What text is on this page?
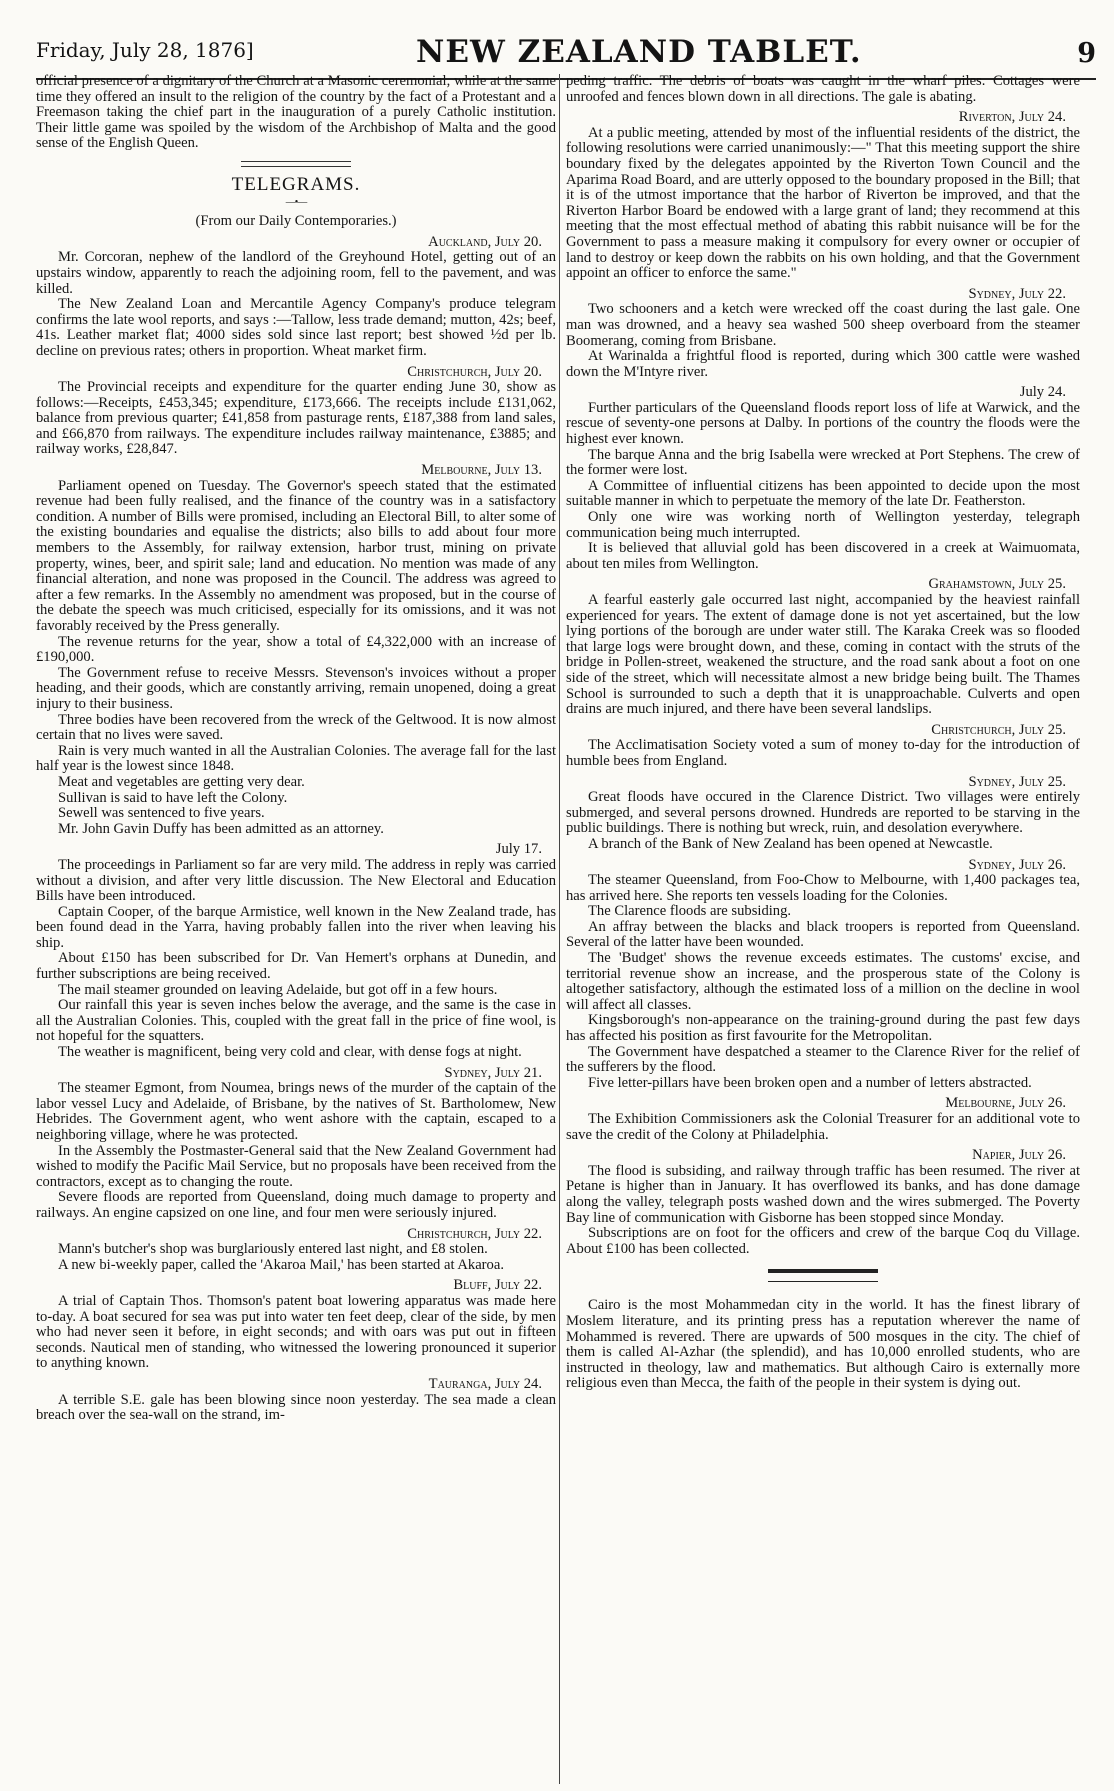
Friday, July 28, 1876]	NEW ZEALAND TABLET.	9

official presence of a dignitary of the Church at a Masonic ceremonial, while at the same time they offered an insult to the religion of the country by the fact of a Protestant and a Freemason taking the chief part in the inauguration of a purely Catholic institution. Their little game was spoiled by the wisdom of the Archbishop of Malta and the good sense of the English Queen.

TELEGRAMS.
—•—
(From our Daily Contemporaries.)
Auckland, July 20.

Mr. Corcoran, nephew of the landlord of the Greyhound Hotel, getting out of an upstairs window, apparently to reach the adjoining room, fell to the pavement, and was killed.

The New Zealand Loan and Mercantile Agency Company's produce telegram confirms the late wool reports, and says :—Tallow, less trade demand; mutton, 42s; beef, 41s. Leather market flat; 4000 sides sold since last report; best showed ½d per lb. decline on previous rates; others in proportion. Wheat market firm.

Christchurch, July 20.

The Provincial receipts and expenditure for the quarter ending June 30, show as follows:—Receipts, £453,345; expenditure, £173,666. The receipts include £131,062, balance from previous quarter; £41,858 from pasturage rents, £187,388 from land sales, and £66,870 from railways. The expenditure includes railway maintenance, £3885; and railway works, £28,847.

Melbourne, July 13.

Parliament opened on Tuesday. The Governor's speech stated that the estimated revenue had been fully realised, and the finance of the country was in a satisfactory condition. A number of Bills were promised, including an Electoral Bill, to alter some of the existing boundaries and equalise the districts; also bills to add about four more members to the Assembly, for railway extension, harbor trust, mining on private property, wines, beer, and spirit sale; land and education. No mention was made of any financial alteration, and none was proposed in the Council. The address was agreed to after a few remarks. In the Assembly no amendment was proposed, but in the course of the debate the speech was much criticised, especially for its omissions, and it was not favorably received by the Press generally.

The revenue returns for the year, show a total of £4,322,000 with an increase of £190,000.

The Government refuse to receive Messrs. Stevenson's invoices without a proper heading, and their goods, which are constantly arriving, remain unopened, doing a great injury to their business.

Three bodies have been recovered from the wreck of the Geltwood. It is now almost certain that no lives were saved.

Rain is very much wanted in all the Australian Colonies. The average fall for the last half year is the lowest since 1848.

Meat and vegetables are getting very dear.

Sullivan is said to have left the Colony.

Sewell was sentenced to five years.

Mr. John Gavin Duffy has been admitted as an attorney.

July 17.

The proceedings in Parliament so far are very mild. The address in reply was carried without a division, and after very little discussion. The New Electoral and Education Bills have been introduced.

Captain Cooper, of the barque Armistice, well known in the New Zealand trade, has been found dead in the Yarra, having probably fallen into the river when leaving his ship.

About £150 has been subscribed for Dr. Van Hemert's orphans at Dunedin, and further subscriptions are being received.

The mail steamer grounded on leaving Adelaide, but got off in a few hours.

Our rainfall this year is seven inches below the average, and the same is the case in all the Australian Colonies. This, coupled with the great fall in the price of fine wool, is not hopeful for the squatters.

The weather is magnificent, being very cold and clear, with dense fogs at night.

Sydney, July 21.

The steamer Egmont, from Noumea, brings news of the murder of the captain of the labor vessel Lucy and Adelaide, of Brisbane, by the natives of St. Bartholomew, New Hebrides. The Government agent, who went ashore with the captain, escaped to a neighboring village, where he was protected.

In the Assembly the Postmaster-General said that the New Zealand Government had wished to modify the Pacific Mail Service, but no proposals have been received from the contractors, except as to changing the route.

Severe floods are reported from Queensland, doing much damage to property and railways. An engine capsized on one line, and four men were seriously injured.

Christchurch, July 22.

Mann's butcher's shop was burglariously entered last night, and £8 stolen.

A new bi-weekly paper, called the 'Akaroa Mail,' has been started at Akaroa.

Bluff, July 22.

A trial of Captain Thos. Thomson's patent boat lowering apparatus was made here to-day. A boat secured for sea was put into water ten feet deep, clear of the side, by men who had never seen it before, in eight seconds; and with oars was put out in fifteen seconds. Nautical men of standing, who witnessed the lowering pronounced it superior to anything known.

Tauranga, July 24.

A terrible S.E. gale has been blowing since noon yesterday. The sea made a clean breach over the sea-wall on the strand, im-

peding traffic. The debris of boats was caught in the wharf piles. Cottages were unroofed and fences blown down in all directions. The gale is abating.

Riverton, July 24.

At a public meeting, attended by most of the influential residents of the district, the following resolutions were carried unanimously:—" That this meeting support the shire boundary fixed by the delegates appointed by the Riverton Town Council and the Aparima Road Board, and are utterly opposed to the boundary proposed in the Bill; that it is of the utmost importance that the harbor of Riverton be improved, and that the Riverton Harbor Board be endowed with a large grant of land; they recommend at this meeting that the most effectual method of abating this rabbit nuisance will be for the Government to pass a measure making it compulsory for every owner or occupier of land to destroy or keep down the rabbits on his own holding, and that the Government appoint an officer to enforce the same."

Sydney, July 22.

Two schooners and a ketch were wrecked off the coast during the last gale. One man was drowned, and a heavy sea washed 500 sheep overboard from the steamer Boomerang, coming from Brisbane.

At Warinalda a frightful flood is reported, during which 300 cattle were washed down the M'Intyre river.

July 24.

Further particulars of the Queensland floods report loss of life at Warwick, and the rescue of seventy-one persons at Dalby. In portions of the country the floods were the highest ever known.

The barque Anna and the brig Isabella were wrecked at Port Stephens. The crew of the former were lost.

A Committee of influential citizens has been appointed to decide upon the most suitable manner in which to perpetuate the memory of the late Dr. Featherston.

Only one wire was working north of Wellington yesterday, telegraph communication being much interrupted.

It is believed that alluvial gold has been discovered in a creek at Waimuomata, about ten miles from Wellington.

Grahamstown, July 25.

A fearful easterly gale occurred last night, accompanied by the heaviest rainfall experienced for years. The extent of damage done is not yet ascertained, but the low lying portions of the borough are under water still. The Karaka Creek was so flooded that large logs were brought down, and these, coming in contact with the struts of the bridge in Pollen-street, weakened the structure, and the road sank about a foot on one side of the street, which will necessitate almost a new bridge being built. The Thames School is surrounded to such a depth that it is unapproachable. Culverts and open drains are much injured, and there have been several landslips.

Christchurch, July 25.

The Acclimatisation Society voted a sum of money to-day for the introduction of humble bees from England.

Sydney, July 25.

Great floods have occured in the Clarence District. Two villages were entirely submerged, and several persons drowned. Hundreds are reported to be starving in the public buildings. There is nothing but wreck, ruin, and desolation everywhere.

A branch of the Bank of New Zealand has been opened at Newcastle.

Sydney, July 26.

The steamer Queensland, from Foo-Chow to Melbourne, with 1,400 packages tea, has arrived here. She reports ten vessels loading for the Colonies.

The Clarence floods are subsiding.

An affray between the blacks and black troopers is reported from Queensland. Several of the latter have been wounded.

The 'Budget' shows the revenue exceeds estimates. The customs' excise, and territorial revenue show an increase, and the prosperous state of the Colony is altogether satisfactory, although the estimated loss of a million on the decline in wool will affect all classes.

Kingsborough's non-appearance on the training-ground during the past few days has affected his position as first favourite for the Metropolitan.

The Government have despatched a steamer to the Clarence River for the relief of the sufferers by the flood.

Five letter-pillars have been broken open and a number of letters abstracted.

Melbourne, July 26.

The Exhibition Commissioners ask the Colonial Treasurer for an additional vote to save the credit of the Colony at Philadelphia.

Napier, July 26.

The flood is subsiding, and railway through traffic has been resumed. The river at Petane is higher than in January. It has overflowed its banks, and has done damage along the valley, telegraph posts washed down and the wires submerged. The Poverty Bay line of communication with Gisborne has been stopped since Monday.

Subscriptions are on foot for the officers and crew of the barque Coq du Village. About £100 has been collected.

Cairo is the most Mohammedan city in the world. It has the finest library of Moslem literature, and its printing press has a reputation wherever the name of Mohammed is revered. There are upwards of 500 mosques in the city. The chief of them is called Al-Azhar (the splendid), and has 10,000 enrolled students, who are instructed in theology, law and mathematics. But although Cairo is externally more religious even than Mecca, the faith of the people in their system is dying out.
